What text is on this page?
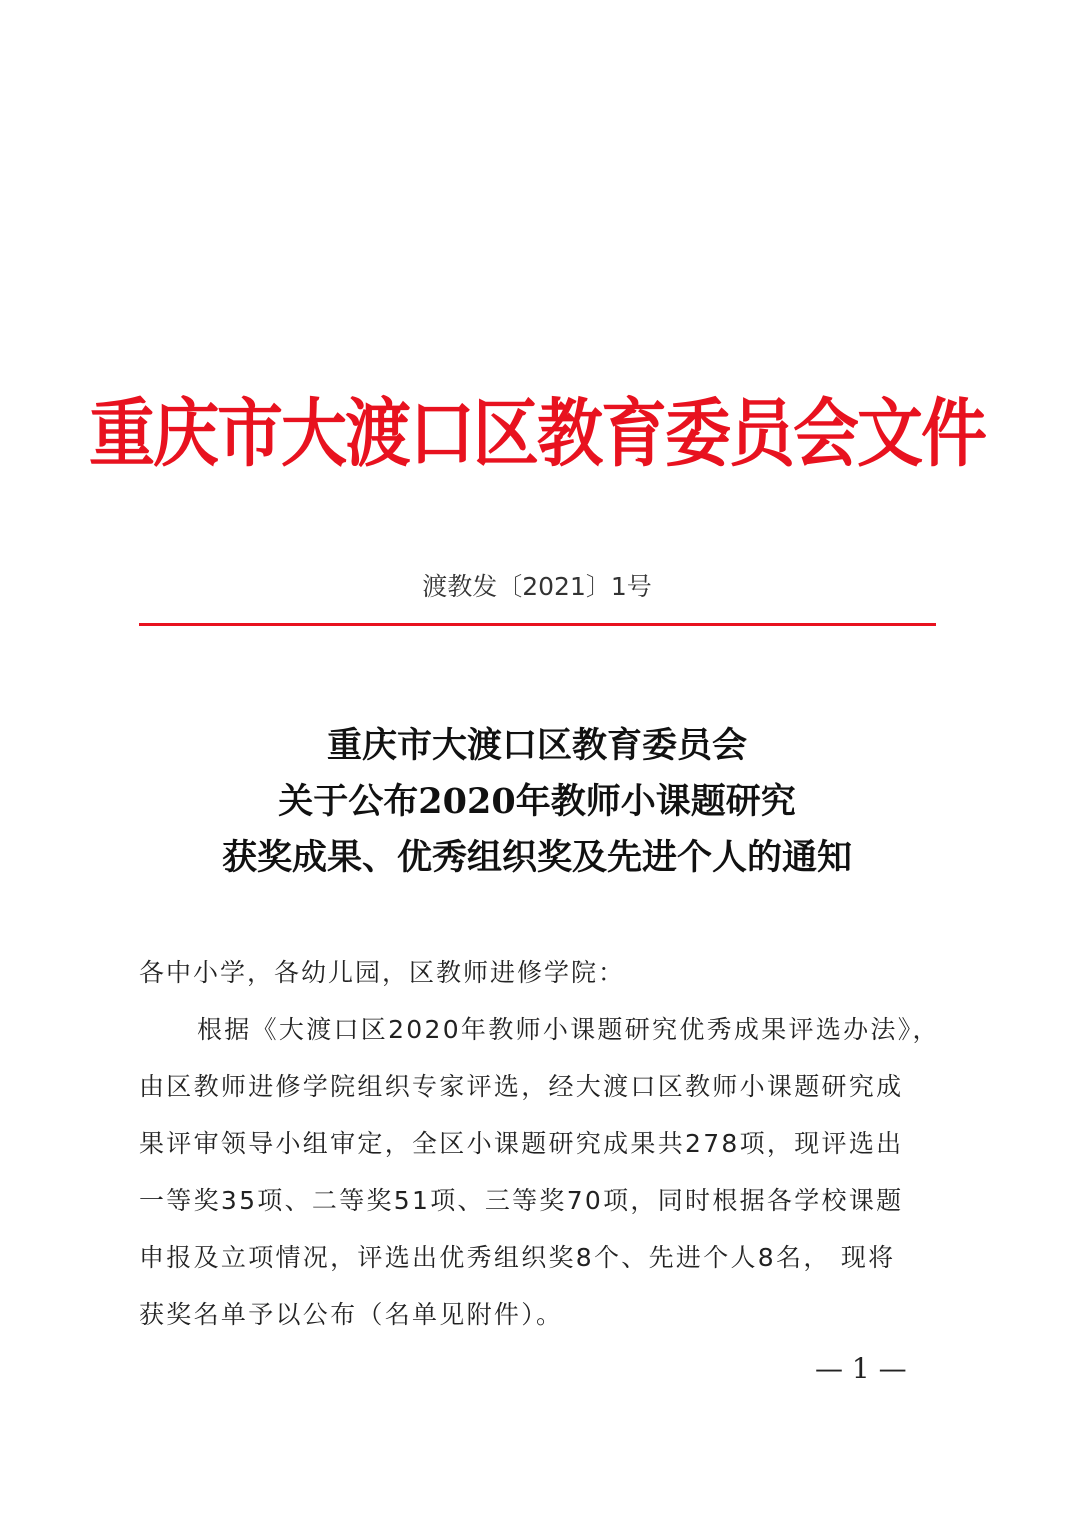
重庆市大渡口区教育委员会文件
渡教发〔2021〕1号
重庆市大渡口区教育委员会
关于公布2020年教师小课题研究
获奖成果、优秀组织奖及先进个人的通知
各中小学，各幼儿园，区教师进修学院：
根据《大渡口区2020年教师小课题研究优秀成果评选办法》，
由区教师进修学院组织专家评选，经大渡口区教师小课题研究成
果评审领导小组审定，全区小课题研究成果共278项，现评选出
一等奖35项、二等奖51项、三等奖70项，同时根据各学校课题
申报及立项情况，评选出优秀组织奖8个、先进个人8名， 现将
获奖名单予以公布（名单见附件）。
— 1 —
